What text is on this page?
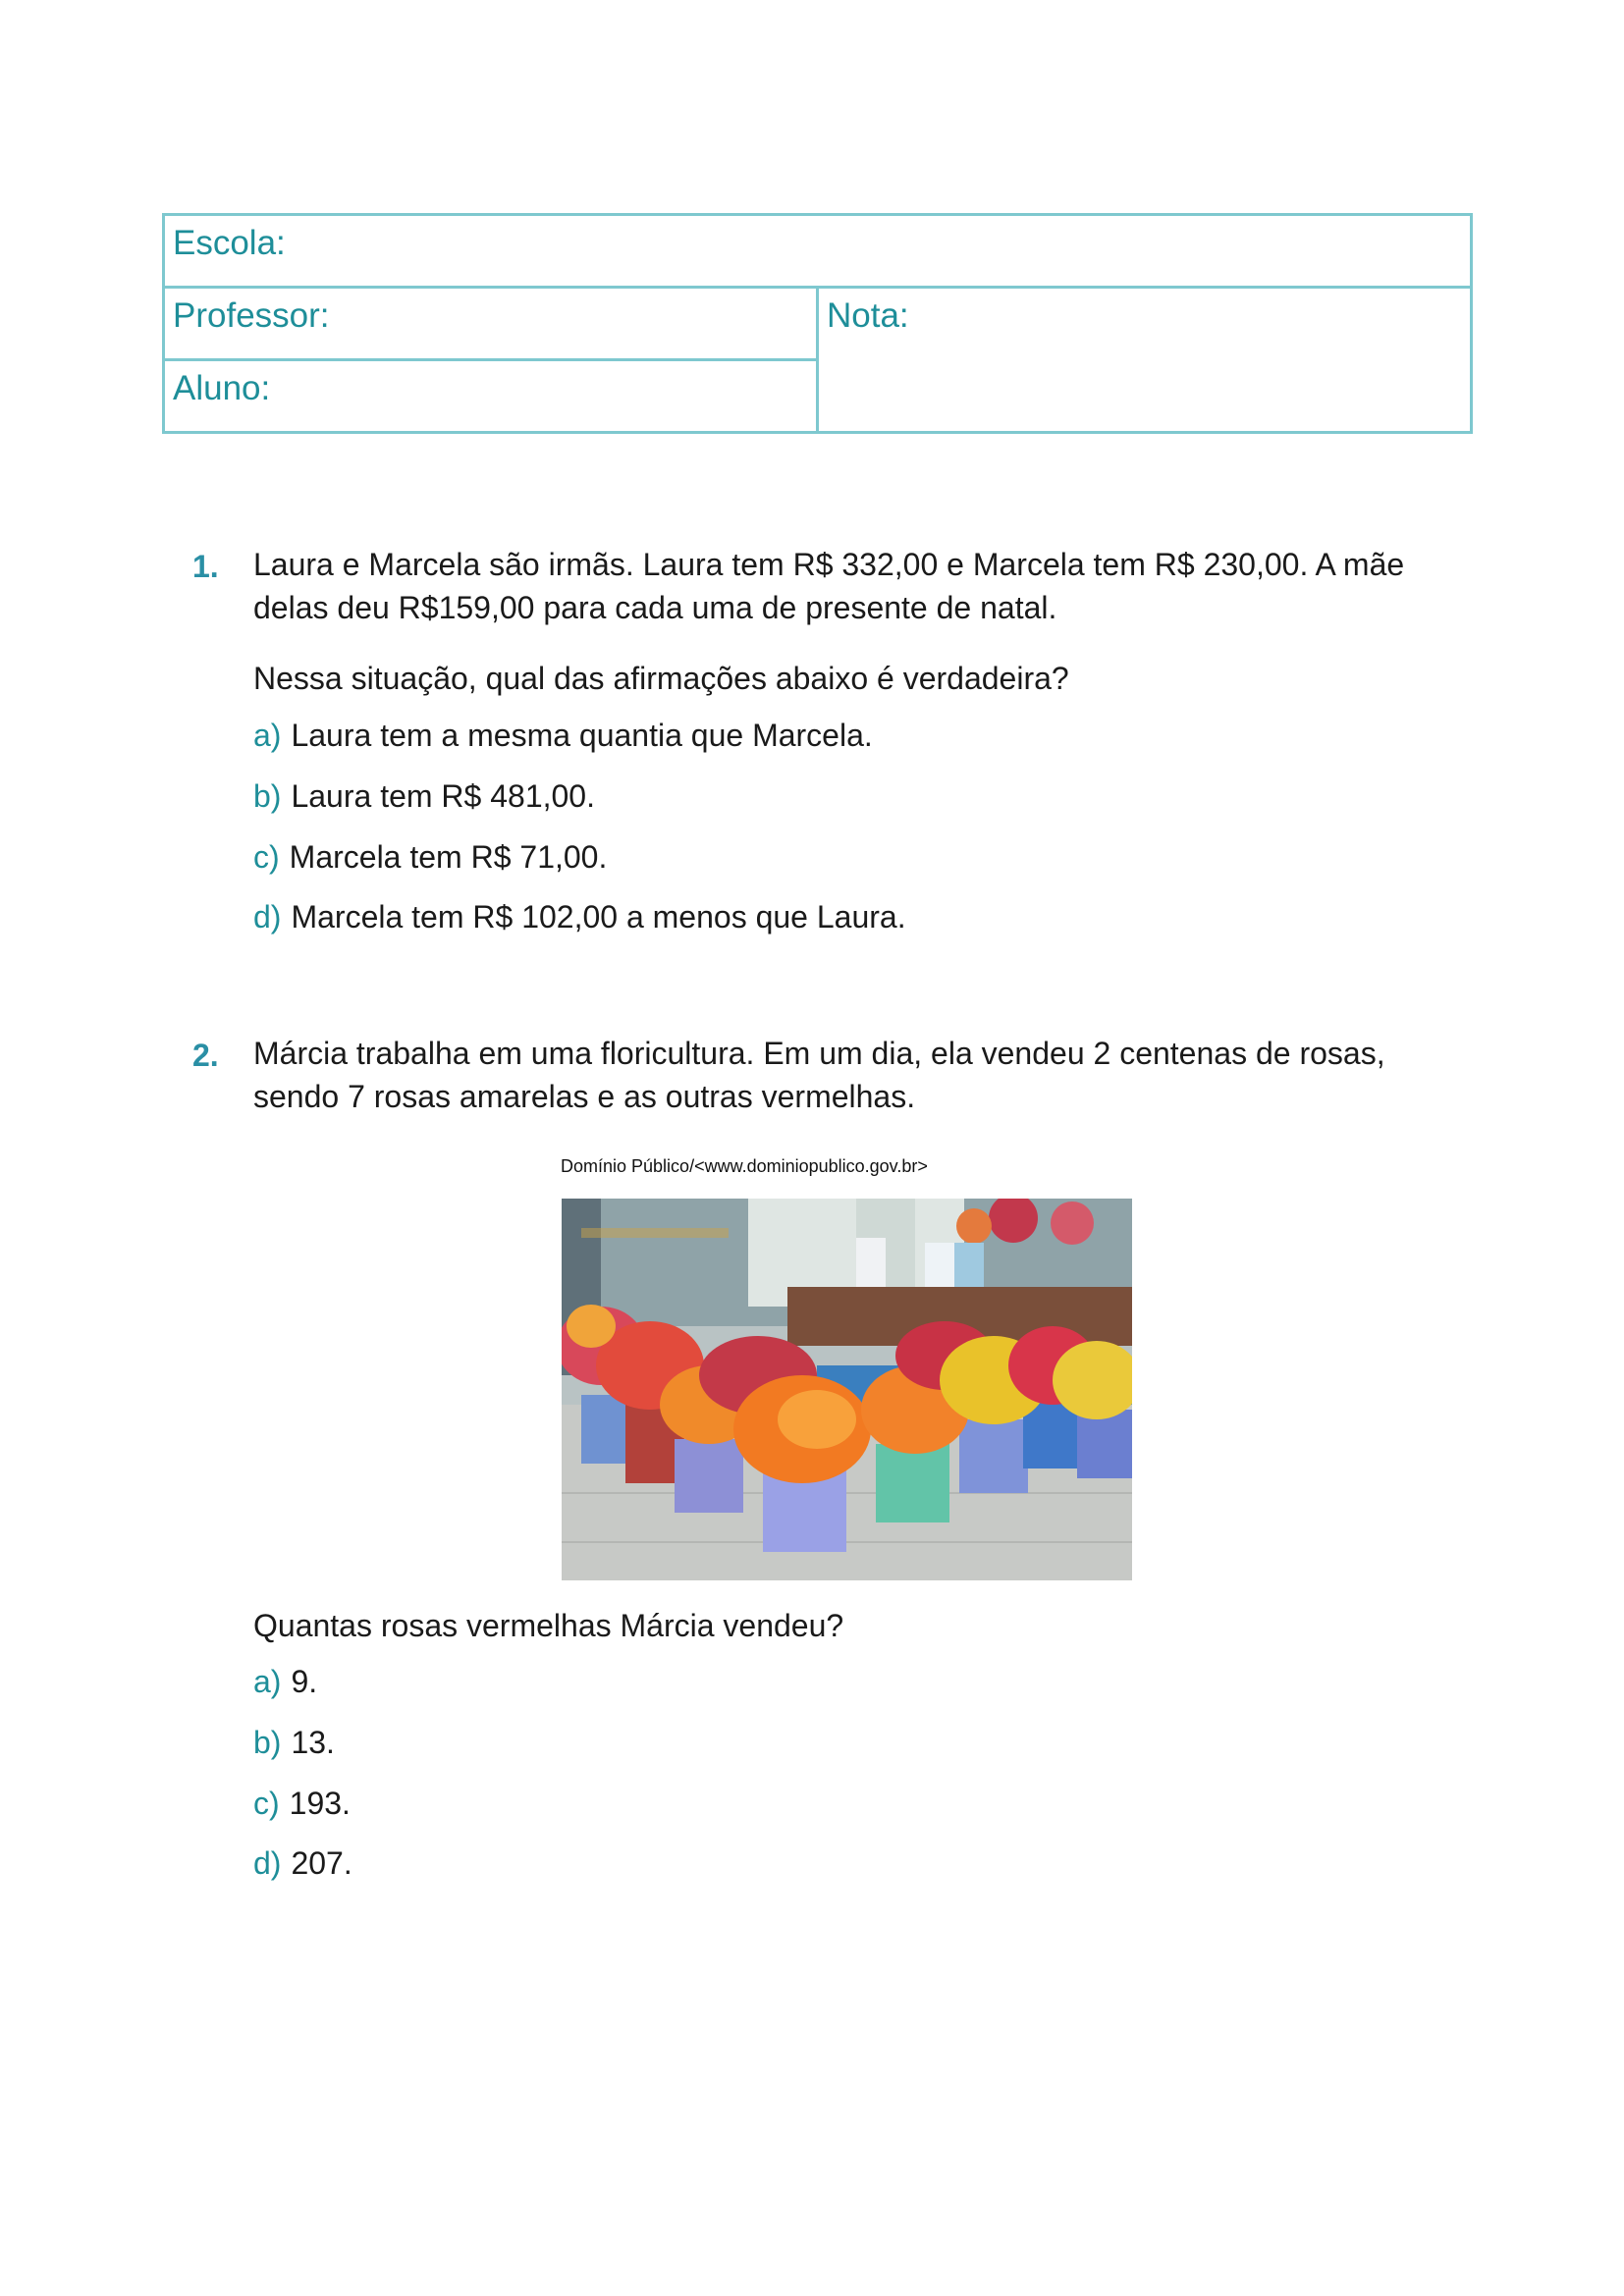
Escola:
Professor:	Nota:
Aluno:
1. Laura e Marcela são irmãs. Laura tem R$ 332,00 e Marcela tem R$ 230,00. A mãe
delas deu R$159,00 para cada uma de presente de natal.
Nessa situação, qual das afirmações abaixo é verdadeira?
a) Laura tem a mesma quantia que Marcela.
b) Laura tem R$ 481,00.
c) Marcela tem R$ 71,00.
d) Marcela tem R$ 102,00 a menos que Laura.
2. Márcia trabalha em uma floricultura. Em um dia, ela vendeu 2 centenas de rosas,
sendo 7 rosas amarelas e as outras vermelhas.
Domínio Público/<www.dominiopublico.gov.br>
Quantas rosas vermelhas Márcia vendeu?
a) 9.
b) 13.
c) 193.
d) 207.
